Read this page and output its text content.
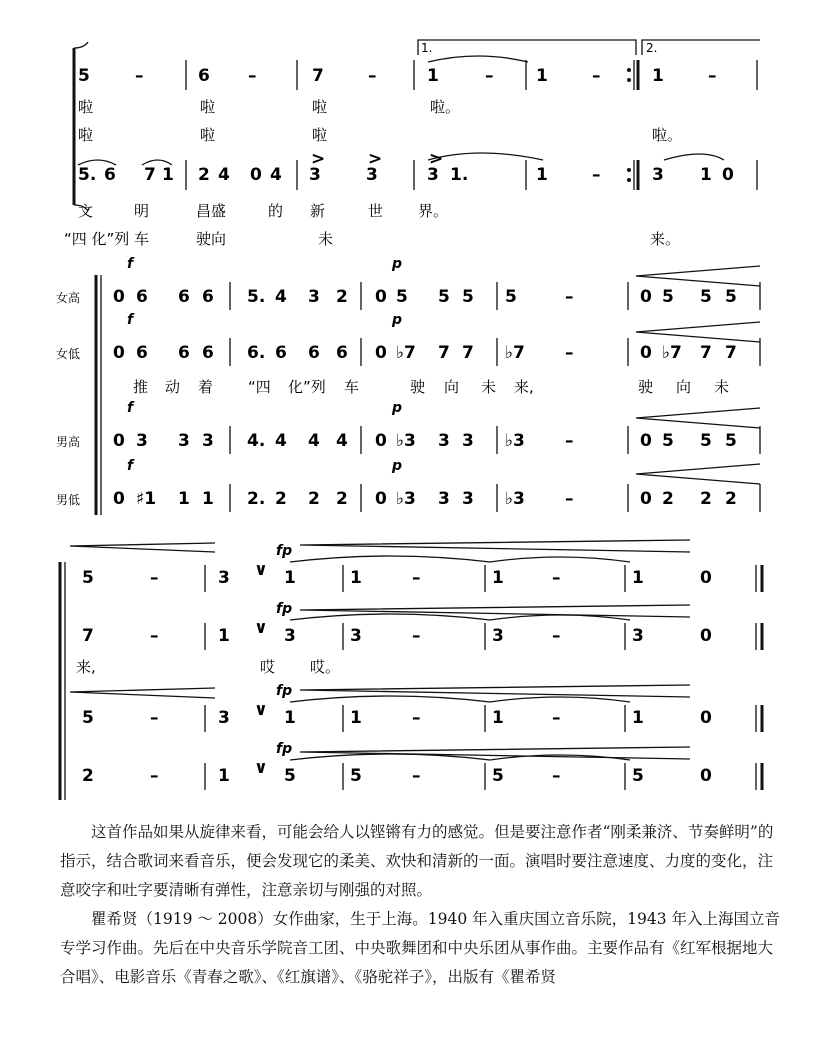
1.	2.
5	–	6 –	7	–	1	–	1	–	1	–
啦	啦	啦	啦。
啦	啦	啦	啦。
5. 6 7 1 2 4 0 4 3	3	3 1.	1	–	3 1 0
>	>	>
文	明	昌盛	的 新	世 界。
“四 化”列 车	驶向	未	来。
女高
女低
男高
男低
f	p
f	p
f	p
f	p
0 6 6 6 5. 4 3 2 0 5 5 5 5	–	0 5 5 5
0 6 6 6 6. 6 6 6 0 ♭7 7 7 ♭7 –	0 ♭7 7 7
推 动 着 “四 化”列 车	驶 向 未 来,	驶 向 未
0 3 3 3 4. 4 4 4 0 ♭3 3 3 ♭3 –	0 5 5 5
0 ♯1 1 1 2. 2 2 2 0 ♭3 3 3 ♭3 –	0 2 2 2
5	–	3	1	1	–	1	–	1	0
∨
fp
7	–	1	3	3	–	3	–	3	0
∨
fp
5	–	3	1	1	–	1	–	1	0
∨
fp
2	–	1	5	5	–	5	–	5	0
∨
fp
来,	哎 哎。

这首作品如果从旋律来看，可能会给人以铿锵有力的感觉。但是要注意作者“刚柔兼济、节奏鲜明”的指示，结合歌词来看音乐，便会发现它的柔美、欢快和清新的一面。演唱时要注意速度、力度的变化，注意咬字和吐字要清晰有弹性，注意亲切与刚强的对照。

瞿希贤（1919 ～ 2008）女作曲家，生于上海。1940 年入重庆国立音乐院，1943 年入上海国立音专学习作曲。先后在中央音乐学院音工团、中央歌舞团和中央乐团从事作曲。主要作品有《红军根据地大合唱》、电影音乐《青春之歌》、《红旗谱》、《骆驼祥子》，出版有《瞿希贤
